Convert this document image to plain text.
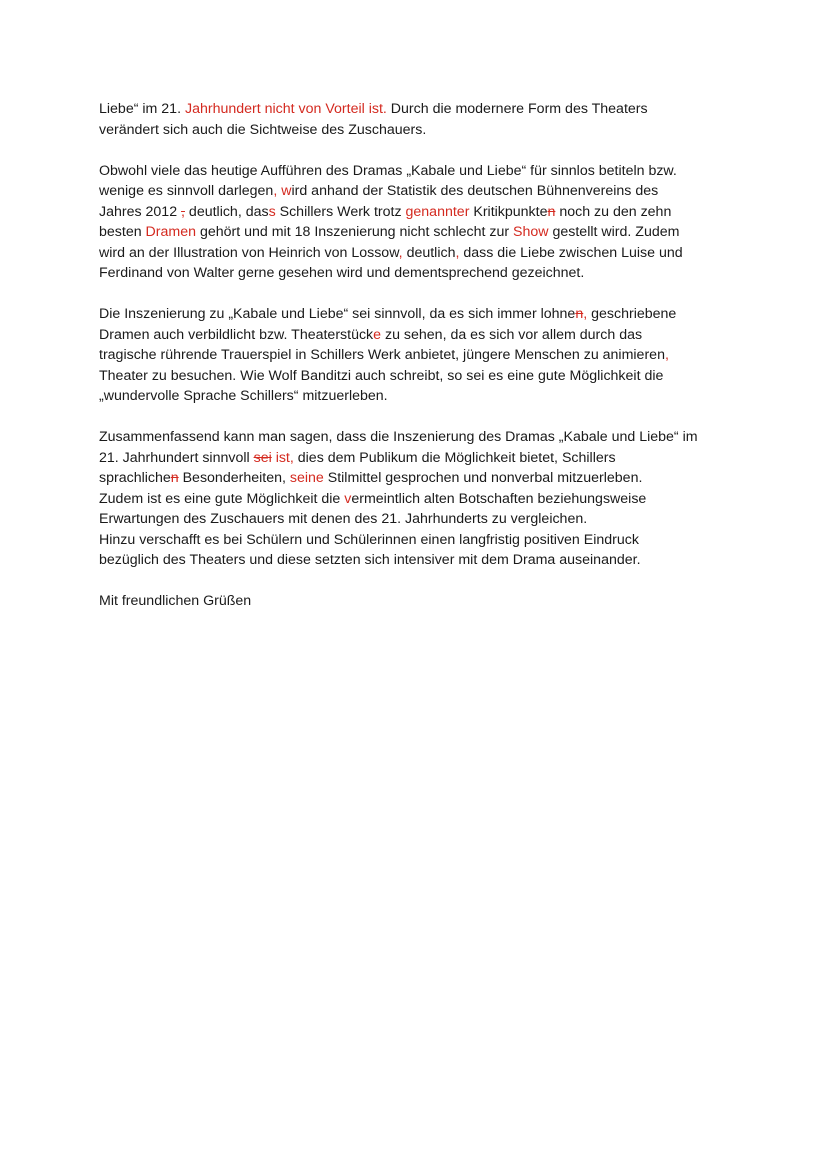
Liebe“ im 21. Jahrhundert nicht von Vorteil ist. Durch die modernere Form des Theaters
verändert sich auch die Sichtweise des Zuschauers.

Obwohl viele das heutige Aufführen des Dramas „Kabale und Liebe“ für sinnlos betiteln bzw.
wenige es sinnvoll darlegen, wird anhand der Statistik des deutschen Bühnenvereins des
Jahres 2012 , deutlich, dass Schillers Werk trotz genannter Kritikpunkten noch zu den zehn
besten Dramen gehört und mit 18 Inszenierung nicht schlecht zur Show gestellt wird. Zudem
wird an der Illustration von Heinrich von Lossow, deutlich, dass die Liebe zwischen Luise und
Ferdinand von Walter gerne gesehen wird und dementsprechend gezeichnet.

Die Inszenierung zu „Kabale und Liebe“ sei sinnvoll, da es sich immer lohnen, geschriebene
Dramen auch verbildlicht bzw. Theaterstücke zu sehen, da es sich vor allem durch das
tragische rührende Trauerspiel in Schillers Werk anbietet, jüngere Menschen zu animieren,
Theater zu besuchen. Wie Wolf Banditzi auch schreibt, so sei es eine gute Möglichkeit die
„wundervolle Sprache Schillers“ mitzuerleben.

Zusammenfassend kann man sagen, dass die Inszenierung des Dramas „Kabale und Liebe“ im
21. Jahrhundert sinnvoll sei ist, dies dem Publikum die Möglichkeit bietet, Schillers
sprachlichen Besonderheiten, seine Stilmittel gesprochen und nonverbal mitzuerleben.
Zudem ist es eine gute Möglichkeit die vermeintlich alten Botschaften beziehungsweise
Erwartungen des Zuschauers mit denen des 21. Jahrhunderts zu vergleichen.
Hinzu verschafft es bei Schülern und Schülerinnen einen langfristig positiven Eindruck
bezüglich des Theaters und diese setzten sich intensiver mit dem Drama auseinander.

Mit freundlichen Grüßen
